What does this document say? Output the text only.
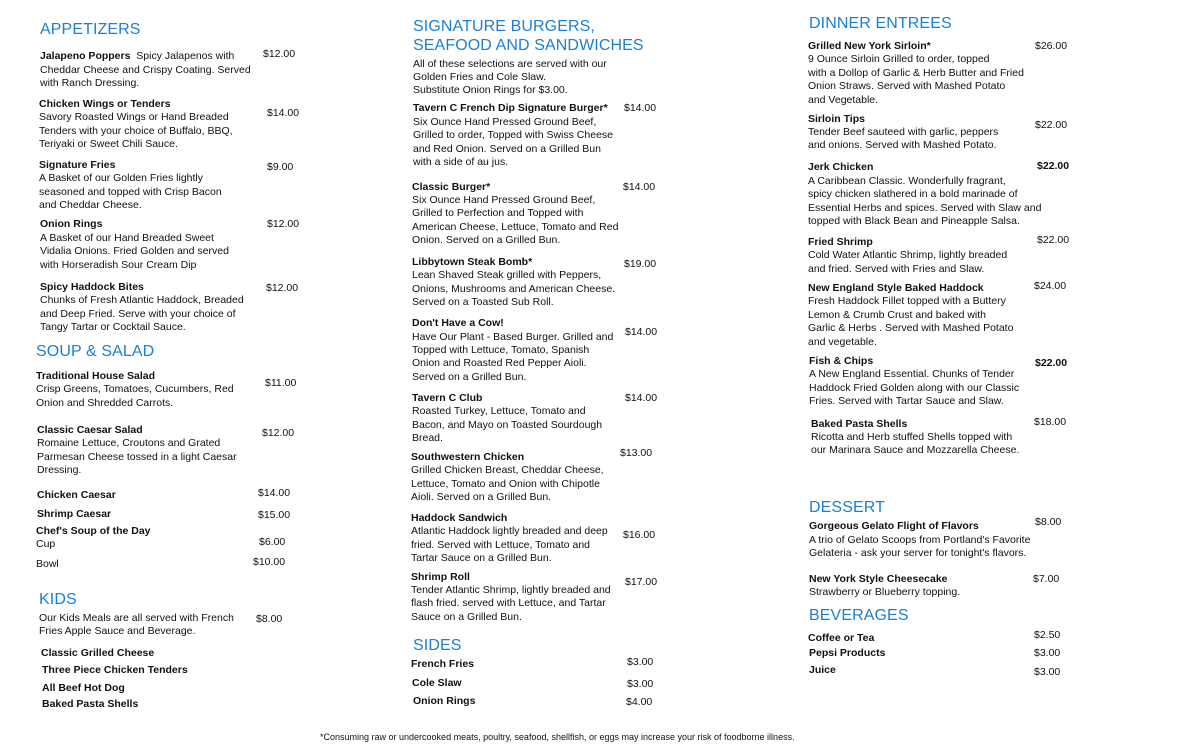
APPETIZERS
Jalapeno Poppers Spicy Jalapenos with
Cheddar Cheese and Crispy Coating. Served
with Ranch Dressing.
$12.00
Chicken Wings or Tenders
Savory Roasted Wings or Hand Breaded
Tenders with your choice of Buffalo, BBQ,
Teriyaki or Sweet Chili Sauce.
$14.00
Signature Fries
A Basket of our Golden Fries lightly
seasoned and topped with Crisp Bacon
and Cheddar Cheese.
$9.00
Onion Rings
A Basket of our Hand Breaded Sweet
Vidalia Onions. Fried Golden and served
with Horseradish Sour Cream Dip
$12.00
Spicy Haddock Bites
Chunks of Fresh Atlantic Haddock, Breaded
and Deep Fried. Serve with your choice of
Tangy Tartar or Cocktail Sauce.
$12.00
SOUP & SALAD
Traditional House Salad
Crisp Greens, Tomatoes, Cucumbers, Red
Onion and Shredded Carrots.
$11.00
Classic Caesar Salad
Romaine Lettuce, Croutons and Grated
Parmesan Cheese tossed in a light Caesar
Dressing.
$12.00
Chicken Caesar	$14.00
Shrimp Caesar	$15.00
Chef's Soup of the Day
Cup	$6.00
Bowl	$10.00
KIDS
Our Kids Meals are all served with French
Fries Apple Sauce and Beverage.
$8.00
Classic Grilled Cheese
Three Piece Chicken Tenders
All Beef Hot Dog
Baked Pasta Shells
SIGNATURE BURGERS,
SEAFOOD AND SANDWICHES
All of these selections are served with our
Golden Fries and Cole Slaw.
Substitute Onion Rings for $3.00.
Tavern C French Dip Signature Burger*
Six Ounce Hand Pressed Ground Beef,
Grilled to order, Topped with Swiss Cheese
and Red Onion. Served on a Grilled Bun
with a side of au jus.
$14.00
Classic Burger*
Six Ounce Hand Pressed Ground Beef,
Grilled to Perfection and Topped with
American Cheese, Lettuce, Tomato and Red
Onion. Served on a Grilled Bun.
$14.00
Libbytown Steak Bomb*
Lean Shaved Steak grilled with Peppers,
Onions, Mushrooms and American Cheese.
Served on a Toasted Sub Roll.
$19.00
Don't Have a Cow!
Have Our Plant - Based Burger. Grilled and
Topped with Lettuce, Tomato, Spanish
Onion and Roasted Red Pepper Aioli.
Served on a Grilled Bun.
$14.00
Tavern C Club
Roasted Turkey, Lettuce, Tomato and
Bacon, and Mayo on Toasted Sourdough
Bread.
$14.00
Southwestern Chicken
Grilled Chicken Breast, Cheddar Cheese,
Lettuce, Tomato and Onion with Chipotle
Aioli. Served on a Grilled Bun.
$13.00
Haddock Sandwich
Atlantic Haddock lightly breaded and deep
fried. Served with Lettuce, Tomato and
Tartar Sauce on a Grilled Bun.
$16.00
Shrimp Roll
Tender Atlantic Shrimp, lightly breaded and
flash fried. served with Lettuce, and Tartar
Sauce on a Grilled Bun.
$17.00
SIDES
French Fries	$3.00
Cole Slaw	$3.00
Onion Rings	$4.00
DINNER ENTREES
Grilled New York Sirloin*
9 Ounce Sirloin Grilled to order, topped
with a Dollop of Garlic & Herb Butter and Fried
Onion Straws. Served with Mashed Potato
and Vegetable.
$26.00
Sirloin Tips
Tender Beef sauteed with garlic, peppers
and onions. Served with Mashed Potato.
$22.00
Jerk Chicken
A Caribbean Classic. Wonderfully fragrant,
spicy chicken slathered in a bold marinade of
Essential Herbs and spices. Served with Slaw and
topped with Black Bean and Pineapple Salsa.
$22.00
Fried Shrimp
Cold Water Atlantic Shrimp, lightly breaded
and fried. Served with Fries and Slaw.
$22.00
New England Style Baked Haddock
Fresh Haddock Fillet topped with a Buttery
Lemon & Crumb Crust and baked with
Garlic & Herbs . Served with Mashed Potato
and vegetable.
$24.00
Fish & Chips
A New England Essential. Chunks of Tender
Haddock Fried Golden along with our Classic
Fries. Served with Tartar Sauce and Slaw.
$22.00
Baked Pasta Shells
Ricotta and Herb stuffed Shells topped with
our Marinara Sauce and Mozzarella Cheese.
$18.00
DESSERT
Gorgeous Gelato Flight of Flavors
A trio of Gelato Scoops from Portland's Favorite
Gelateria - ask your server for tonight's flavors.
$8.00
New York Style Cheesecake
Strawberry or Blueberry topping.
$7.00
BEVERAGES
Coffee or Tea	$2.50
Pepsi Products	$3.00
Juice	$3.00
*Consuming raw or undercooked meats, poultry, seafood, shellfish, or eggs may increase your risk of foodborne illness.
